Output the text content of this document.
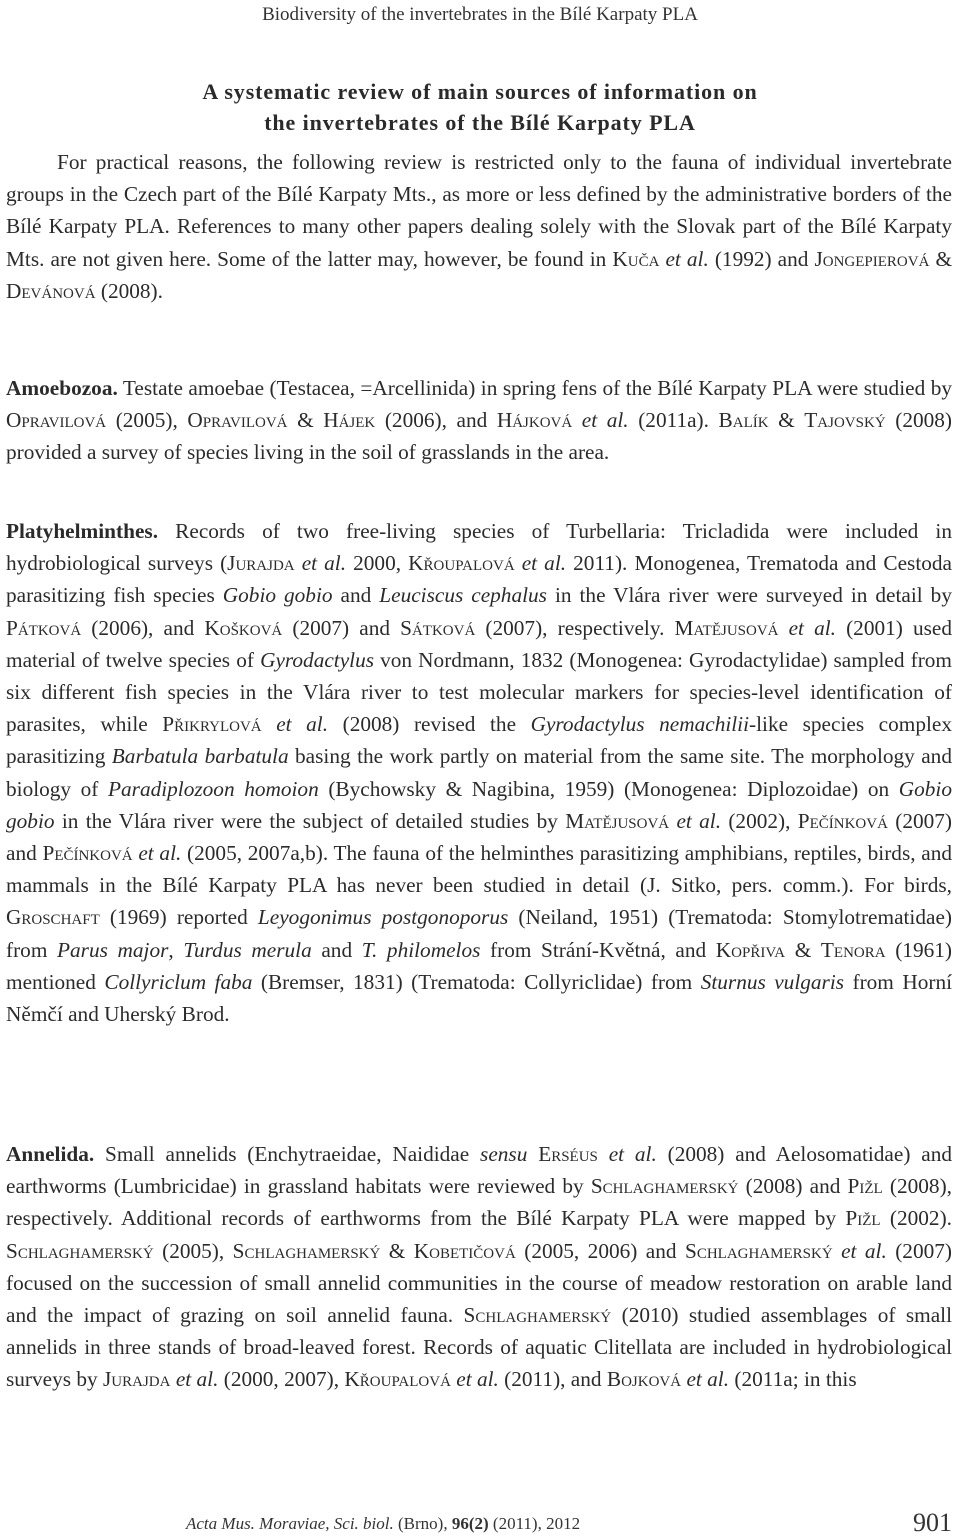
Biodiversity of the invertebrates in the Bílé Karpaty PLA
A systematic review of main sources of information on
the invertebrates of the Bílé Karpaty PLA

For practical reasons, the following review is restricted only to the fauna of individual invertebrate groups in the Czech part of the Bílé Karpaty Mts., as more or less defined by the administrative borders of the Bílé Karpaty PLA. References to many other papers dealing solely with the Slovak part of the Bílé Karpaty Mts. are not given here. Some of the latter may, however, be found in Kuča et al. (1992) and Jongepierová & Devánová (2008).

Amoebozoa. Testate amoebae (Testacea, =Arcellinida) in spring fens of the Bílé Karpaty PLA were studied by Opravilová (2005), Opravilová & Hájek (2006), and Hájková et al. (2011a). Balík & Tajovský (2008) provided a survey of species living in the soil of grasslands in the area.

Platyhelminthes. Records of two free-living species of Turbellaria: Tricladida were included in hydrobiological surveys (Jurajda et al. 2000, Křoupalová et al. 2011). Monogenea, Trematoda and Cestoda parasitizing fish species Gobio gobio and Leuciscus cephalus in the Vlára river were surveyed in detail by Pátková (2006), and Košková (2007) and Sátková (2007), respectively. Matějusová et al. (2001) used material of twelve species of Gyrodactylus von Nordmann, 1832 (Monogenea: Gyrodactylidae) sampled from six different fish species in the Vlára river to test molecular markers for species-level identification of parasites, while Přikrylová et al. (2008) revised the Gyrodactylus nemachilii-like species complex parasitizing Barbatula barbatula basing the work partly on material from the same site. The morphology and biology of Paradiplozoon homoion (Bychowsky & Nagibina, 1959) (Monogenea: Diplozoidae) on Gobio gobio in the Vlára river were the subject of detailed studies by Matějusová et al. (2002), Pečínková (2007) and Pečínková et al. (2005, 2007a,b). The fauna of the helminthes parasitizing amphibians, reptiles, birds, and mammals in the Bílé Karpaty PLA has never been studied in detail (J. Sitko, pers. comm.). For birds, Groschaft (1969) reported Leyogonimus postgonoporus (Neiland, 1951) (Trematoda: Stomylotrematidae) from Parus major, Turdus merula and T. philomelos from Strání-Květná, and Kopřiva & Tenora (1961) mentioned Collyriclum faba (Bremser, 1831) (Trematoda: Collyriclidae) from Sturnus vulgaris from Horní Němčí and Uherský Brod.

Annelida. Small annelids (Enchytraeidae, Naididae sensu Erséus et al. (2008) and Aelosomatidae) and earthworms (Lumbricidae) in grassland habitats were reviewed by Schlaghamerský (2008) and Pižl (2008), respectively. Additional records of earthworms from the Bílé Karpaty PLA were mapped by Pižl (2002). Schlaghamerský (2005), Schlaghamerský & Kobetičová (2005, 2006) and Schlaghamerský et al. (2007) focused on the succession of small annelid communities in the course of meadow restoration on arable land and the impact of grazing on soil annelid fauna. Schlaghamerský (2010) studied assemblages of small annelids in three stands of broad-leaved forest. Records of aquatic Clitellata are included in hydrobiological surveys by Jurajda et al. (2000, 2007), Křoupalová et al. (2011), and Bojková et al. (2011a; in this

Acta Mus. Moraviae, Sci. biol. (Brno), 96(2) (2011), 2012	901
